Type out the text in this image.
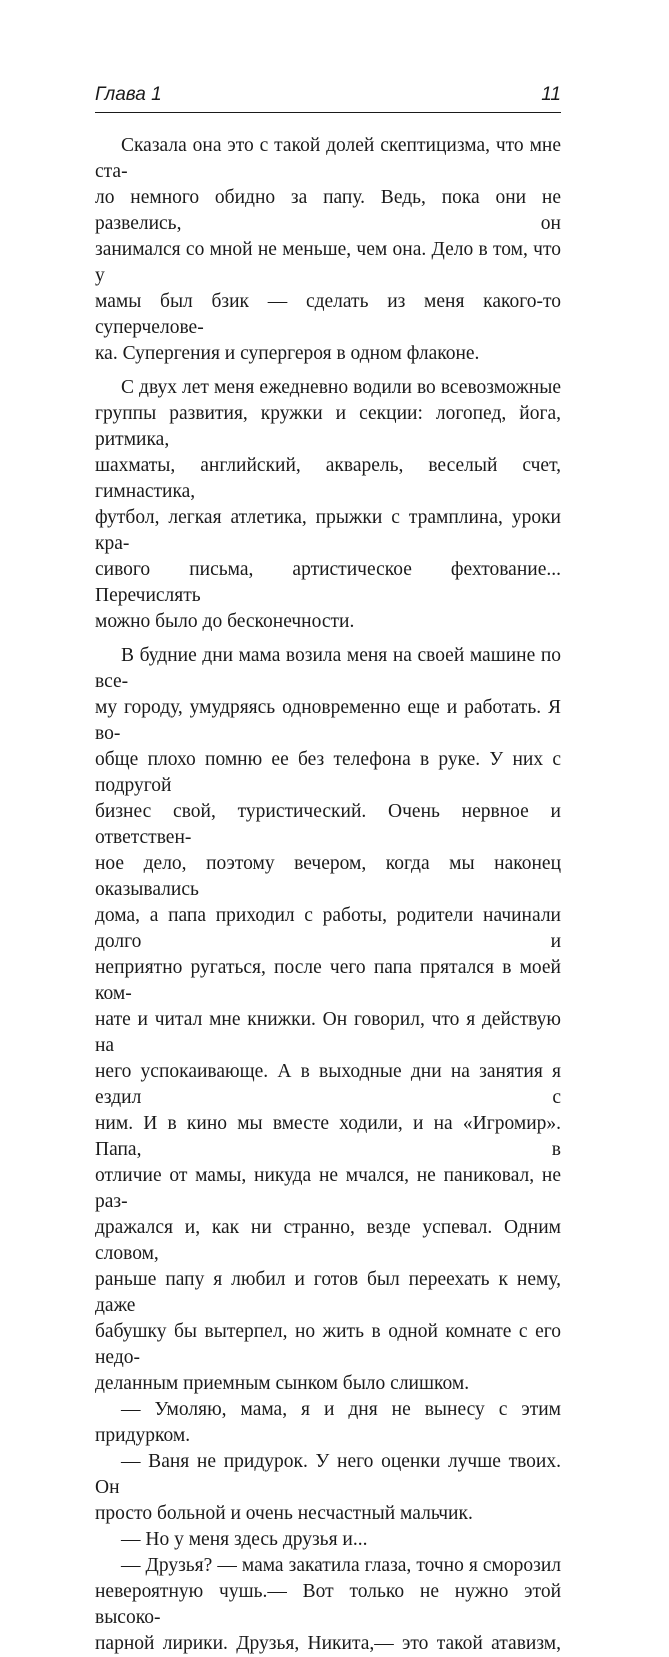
Глава 1	11

Сказала она это с такой долей скептицизма, что мне ста-

ло немного обидно за папу. Ведь, пока они не развелись, он

занимался со мной не меньше, чем она. Дело в том, что у

мамы был бзик — сделать из меня какого-то суперчелове-

ка. Супергения и супергероя в одном флаконе.

С двух лет меня ежедневно водили во всевозможные

группы развития, кружки и секции: логопед, йога, ритмика,

шахматы, английский, акварель, веселый счет, гимнастика,

футбол, легкая атлетика, прыжки с трамплина, уроки кра-

сивого письма, артистическое фехтование... Перечислять

можно было до бесконечности.

В будние дни мама возила меня на своей машине по все-

му городу, умудряясь одновременно еще и работать. Я во-

обще плохо помню ее без телефона в руке. У них с подругой

бизнес свой, туристический. Очень нервное и ответствен-

ное дело, поэтому вечером, когда мы наконец оказывались

дома, а папа приходил с работы, родители начинали долго и

неприятно ругаться, после чего папа прятался в моей ком-

нате и читал мне книжки. Он говорил, что я действую на

него успокаивающе. А в выходные дни на занятия я ездил с

ним. И в кино мы вместе ходили, и на «Игромир». Папа, в

отличие от мамы, никуда не мчался, не паниковал, не раз-

дражался и, как ни странно, везде успевал. Одним словом,

раньше папу я любил и готов был переехать к нему, даже

бабушку бы вытерпел, но жить в одной комнате с его недо-

деланным приемным сынком было слишком.

— Умоляю, мама, я и дня не вынесу с этим придурком.

— Ваня не придурок. У него оценки лучше твоих. Он

просто больной и очень несчастный мальчик.

— Но у меня здесь друзья и...

— Друзья? — мама закатила глаза, точно я сморозил

невероятную чушь.— Вот только не нужно этой высоко-

парной лирики. Друзья, Никита,— это такой атавизм,
